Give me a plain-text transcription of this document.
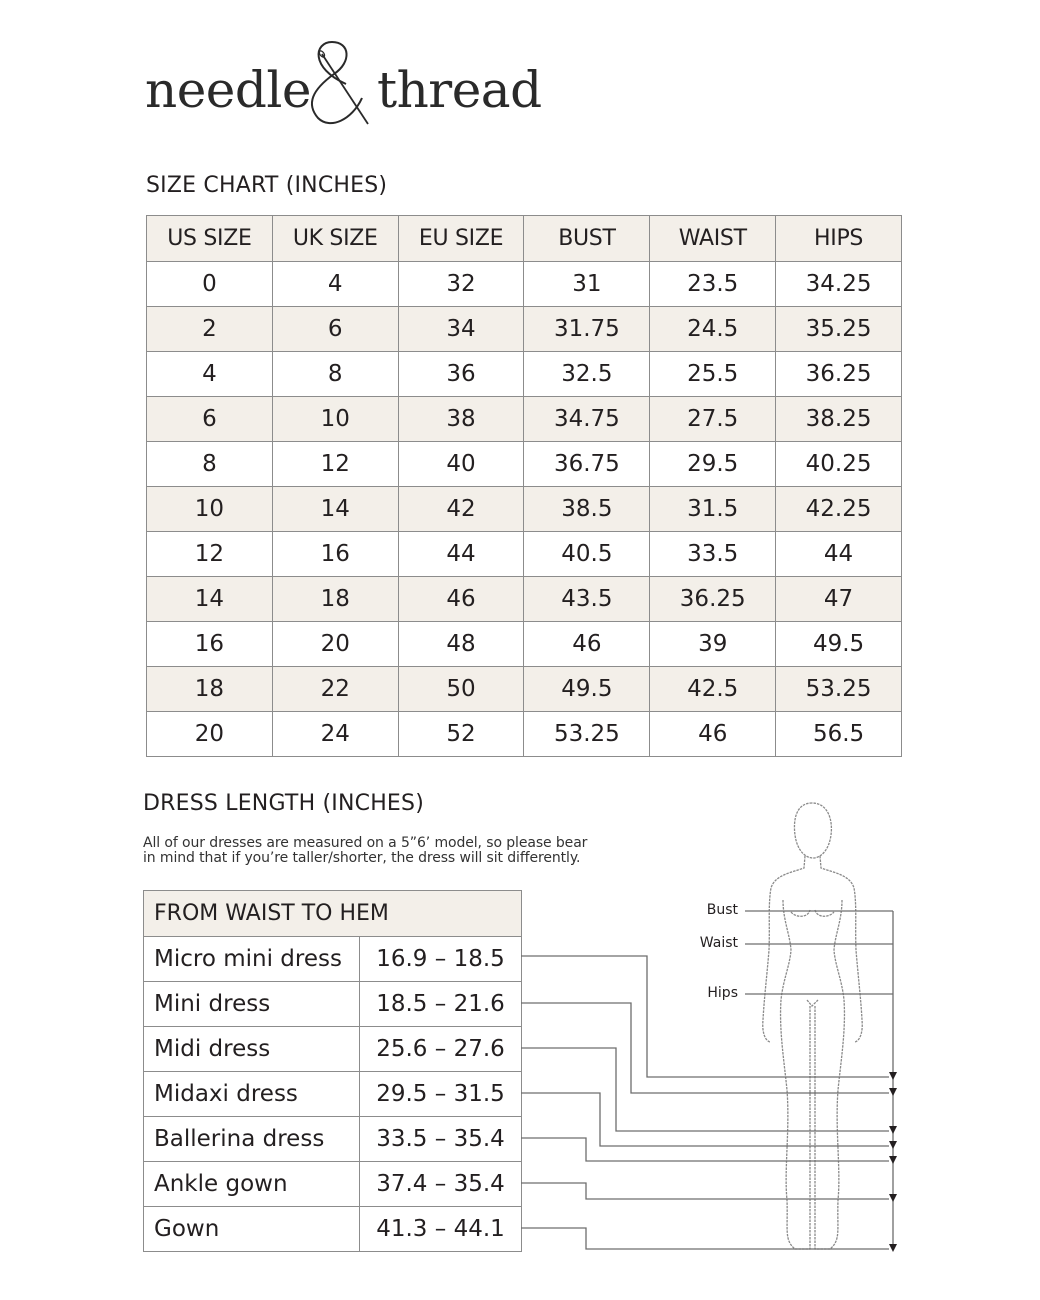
needle thread
SIZE CHART (INCHES)
US SIZE	UK SIZE	EU SIZE	BUST	WAIST	HIPS
0	4	32	31	23.5	34.25
2	6	34	31.75	24.5	35.25
4	8	36	32.5	25.5	36.25
6	10	38	34.75	27.5	38.25
8	12	40	36.75	29.5	40.25
10	14	42	38.5	31.5	42.25
12	16	44	40.5	33.5	44
14	18	46	43.5	36.25	47
16	20	48	46	39	49.5
18	22	50	49.5	42.5	53.25
20	24	52	53.25	46	56.5
DRESS LENGTH (INCHES)
All of our dresses are measured on a 5”6’ model, so please bear
in mind that if you’re taller/shorter, the dress will sit differently.
FROM WAIST TO HEM	
Micro mini dress	16.9 – 18.5
Mini dress	18.5 – 21.6
Midi dress	25.6 – 27.6
Midaxi dress	29.5 – 31.5
Ballerina dress	33.5 – 35.4
Ankle gown	37.4 – 35.4
Gown	41.3 – 44.1
Bust
Waist
Hips
